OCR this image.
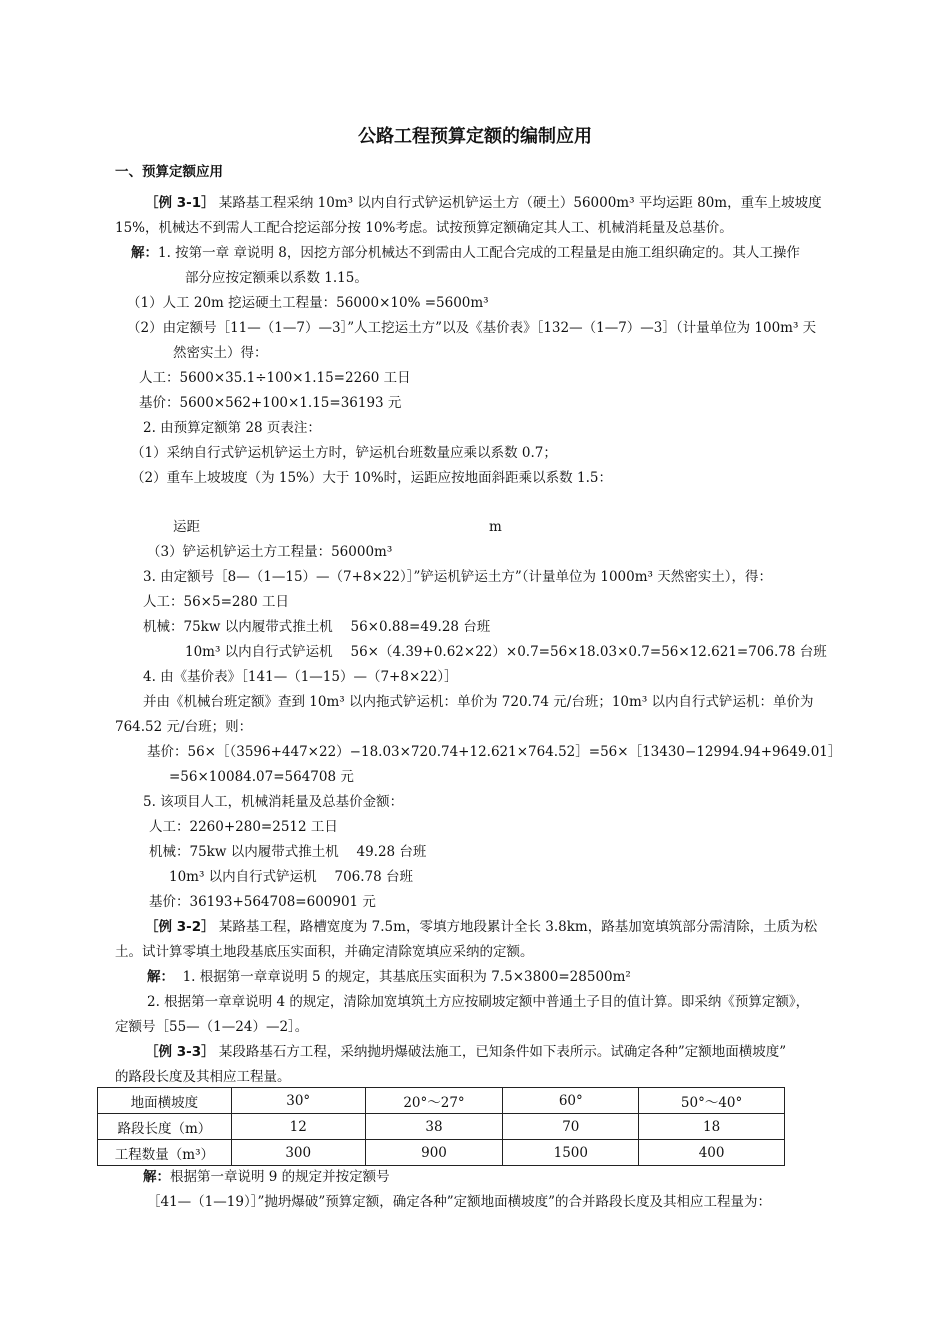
公路工程预算定额的编制应用
一、预算定额应用
［例 3-1］ 某路基工程采纳 10m³ 以内自行式铲运机铲运土方（硬土）56000m³ 平均运距 80m，重车上坡坡度
15%，机械达不到需人工配合挖运部分按 10%考虑。试按预算定额确定其人工、机械消耗量及总基价。
解：1. 按第一章 章说明 8，因挖方部分机械达不到需由人工配合完成的工程量是由施工组织确定的。其人工操作
部分应按定额乘以系数 1.15。
（1）人工 20m 挖运硬土工程量：56000×10% =5600m³
（2）由定额号［11—（1—7）—3］”人工挖运土方”以及《基价表》［132—（1—7）—3］（计量单位为 100m³ 天
然密实土）得：
人工：5600×35.1÷100×1.15=2260 工日
基价：5600×562+100×1.15=36193 元
2. 由预算定额第 28 页表注：
（1）采纳自行式铲运机铲运土方时，铲运机台班数量应乘以系数 0.7；
（2）重车上坡坡度（为 15%）大于 10%时，运距应按地面斜距乘以系数 1.5：
运距	m
（3）铲运机铲运土方工程量：56000m³
3. 由定额号［8—（1—15）—（7+8×22）］”铲运机铲运土方”（计量单位为 1000m³ 天然密实土），得：
人工：56×5=280 工日
机械：75kw 以内履带式推土机　 56×0.88=49.28 台班
10m³ 以内自行式铲运机　 56×（4.39+0.62×22）×0.7=56×18.03×0.7=56×12.621=706.78 台班
4. 由《基价表》［141—（1—15）—（7+8×22）］
并由《机械台班定额》查到 10m³ 以内拖式铲运机：单价为 720.74 元/台班；10m³ 以内自行式铲运机：单价为
764.52 元/台班；则：
基价：56×［（3596+447×22）−18.03×720.74+12.621×764.52］=56×［13430−12994.94+9649.01］
=56×10084.07=564708 元
5. 该项目人工，机械消耗量及总基价金额：
人工：2260+280=2512 工日
机械：75kw 以内履带式推土机　 49.28 台班
10m³ 以内自行式铲运机　 706.78 台班
基价：36193+564708=600901 元
［例 3-2］ 某路基工程，路槽宽度为 7.5m，零填方地段累计全长 3.8km，路基加宽填筑部分需清除，土质为松
土。试计算零填土地段基底压实面积，并确定清除宽填应采纳的定额。
解： 1. 根据第一章章说明 5 的规定，其基底压实面积为 7.5×3800=28500m²
2. 根据第一章章说明 4 的规定，清除加宽填筑土方应按刷坡定额中普通土子目的值计算。即采纳《预算定额》，
定额号［55—（1—24）—2］。
［例 3-3］ 某段路基石方工程，采纳抛坍爆破法施工，已知条件如下表所示。试确定各种”定额地面横坡度”
的路段长度及其相应工程量。
地面横坡度	30°	20°～27°	60°	50°～40°
路段长度（m）	12	38	70	18
工程数量（m³）	300	900	1500	400
解：根据第一章说明 9 的规定并按定额号
［41—（1—19）］”抛坍爆破”预算定额，确定各种”定额地面横坡度”的合并路段长度及其相应工程量为：
